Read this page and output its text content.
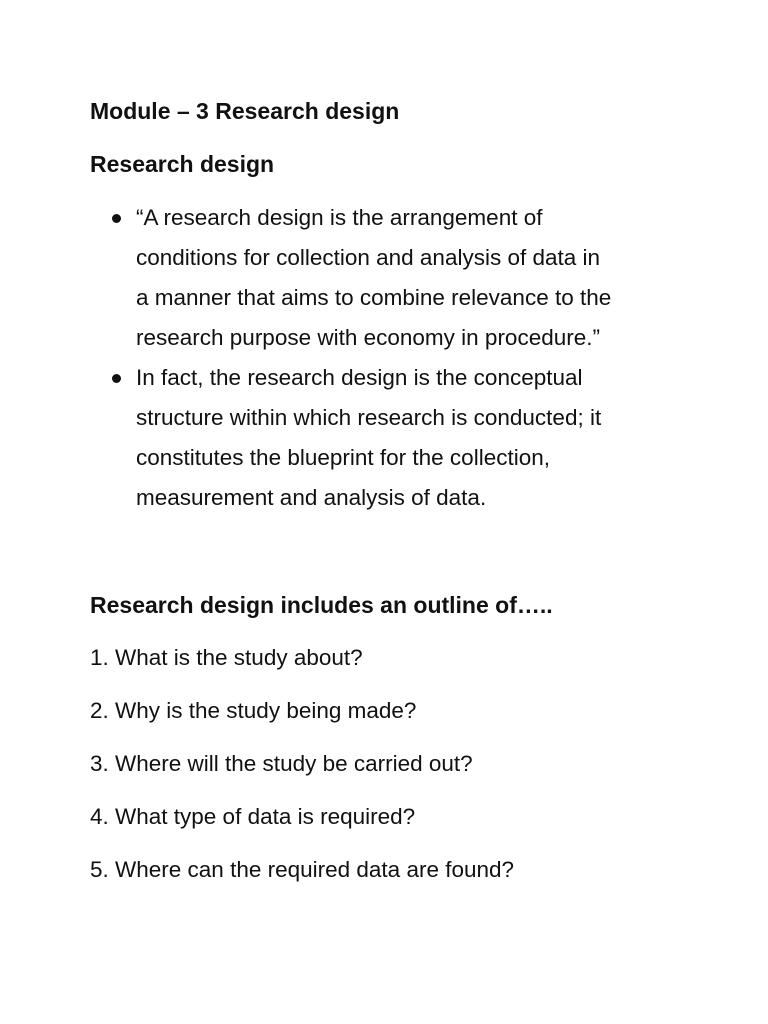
Module – 3 Research design
Research design
“A research design is the arrangement of
conditions for collection and analysis of data in
a manner that aims to combine relevance to the
research purpose with economy in procedure.”
In fact, the research design is the conceptual
structure within which research is conducted; it
constitutes the blueprint for the collection,
measurement and analysis of data.
Research design includes an outline of…..
1. What is the study about?
2. Why is the study being made?
3. Where will the study be carried out?
4. What type of data is required?
5. Where can the required data are found?
